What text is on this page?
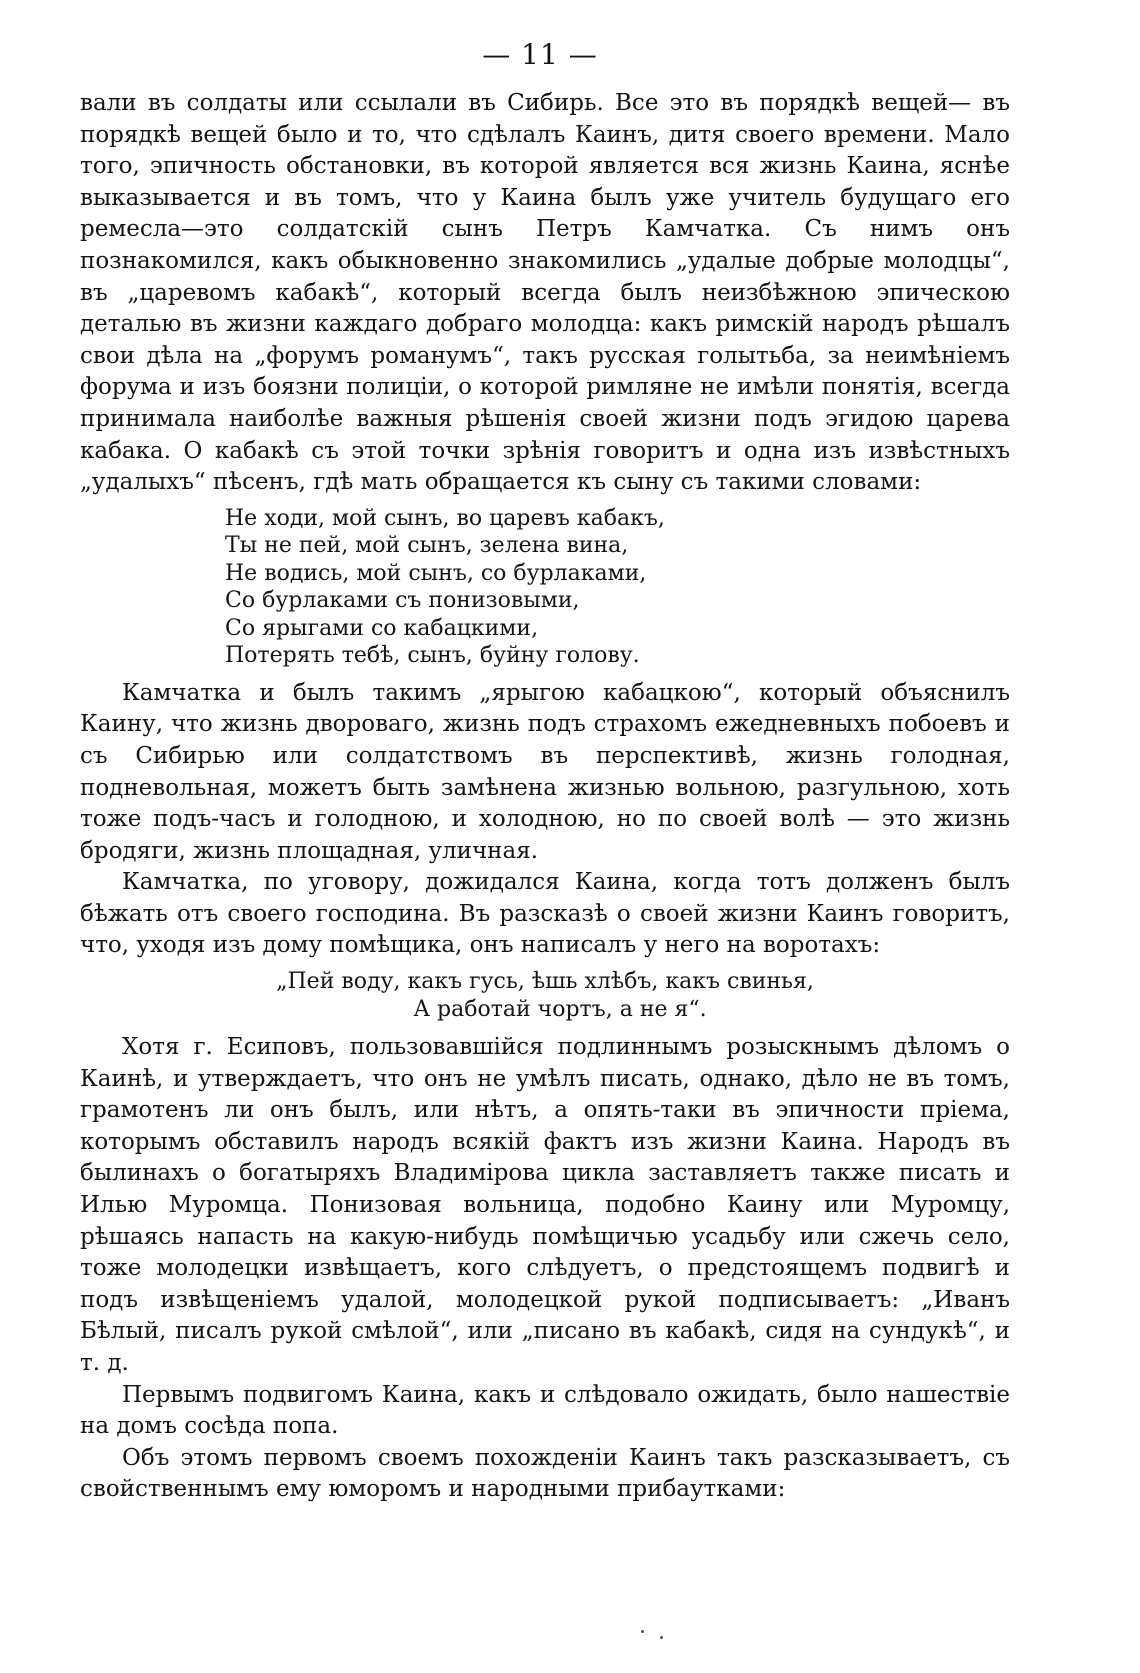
— 11 —

вали въ солдаты или ссылали въ Сибирь. Все это въ порядкѣ вещей— въ порядкѣ вещей было и то, что сдѣлалъ Каинъ, дитя своего времени. Мало того, эпичность обстановки, въ которой является вся жизнь Каина, яснѣе выказывается и въ томъ, что у Каина былъ уже учитель будущаго его ремесла—это солдатскій сынъ Петръ Камчатка. Съ нимъ онъ познакомился, какъ обыкновенно знакомились „удалые добрые молодцы“, въ „царевомъ кабакѣ“, который всегда былъ неизбѣжною эпическою деталью въ жизни каждаго добраго молодца: какъ римскій народъ рѣшалъ свои дѣла на „форумъ романумъ“, такъ русская голытьба, за неимѣніемъ форума и изъ боязни полиціи, о которой римляне не имѣли понятія, всегда принимала наиболѣе важныя рѣшенія своей жизни подъ эгидою царева кабака. О кабакѣ съ этой точки зрѣнія говоритъ и одна изъ извѣстныхъ „удалыхъ“ пѣсенъ, гдѣ мать обращается къ сыну съ такими словами:

Не ходи, мой сынъ, во царевъ кабакъ,
Ты не пей, мой сынъ, зелена вина,
Не водись, мой сынъ, со бурлаками,
Со бурлаками съ понизовыми,
Со ярыгами со кабацкими,
Потерять тебѣ, сынъ, буйну голову.

Камчатка и былъ такимъ „ярыгою кабацкою“, который объяснилъ Каину, что жизнь двороваго, жизнь подъ страхомъ ежедневныхъ побоевъ и съ Сибирью или солдатствомъ въ перспективѣ, жизнь голодная, подневольная, можетъ быть замѣнена жизнью вольною, разгульною, хоть тоже подъ-часъ и голодною, и холодною, но по своей волѣ — это жизнь бродяги, жизнь площадная, уличная.

Камчатка, по уговору, дожидался Каина, когда тотъ долженъ былъ бѣжать отъ своего господина. Въ разсказѣ о своей жизни Каинъ говоритъ, что, уходя изъ дому помѣщика, онъ написалъ у него на воротахъ:

„Пей воду, какъ гусь, ѣшь хлѣбъ, какъ свинья,
А работай чортъ, а не я“.

Хотя г. Есиповъ, пользовавшійся подлиннымъ розыскнымъ дѣломъ о Каинѣ, и утверждаетъ, что онъ не умѣлъ писать, однако, дѣло не въ томъ, грамотенъ ли онъ былъ, или нѣтъ, а опять-таки въ эпичности пріема, которымъ обставилъ народъ всякій фактъ изъ жизни Каина. Народъ въ былинахъ о богатыряхъ Владимірова цикла заставляетъ также писать и Илью Муромца. Понизовая вольница, подобно Каину или Муромцу, рѣшаясь напасть на какую-нибудь помѣщичью усадьбу или сжечь село, тоже молодецки извѣщаетъ, кого слѣдуетъ, о предстоящемъ подвигѣ и подъ извѣщеніемъ удалой, молодецкой рукой подписываетъ: „Иванъ Бѣлый, писалъ рукой смѣлой“, или „писано въ кабакѣ, сидя на сундукѣ“, и т. д.

Первымъ подвигомъ Каина, какъ и слѣдовало ожидать, было нашествіе на домъ сосѣда попа.

Объ этомъ первомъ своемъ похожденіи Каинъ такъ разсказываетъ, съ свойственнымъ ему юморомъ и народными прибаутками:
